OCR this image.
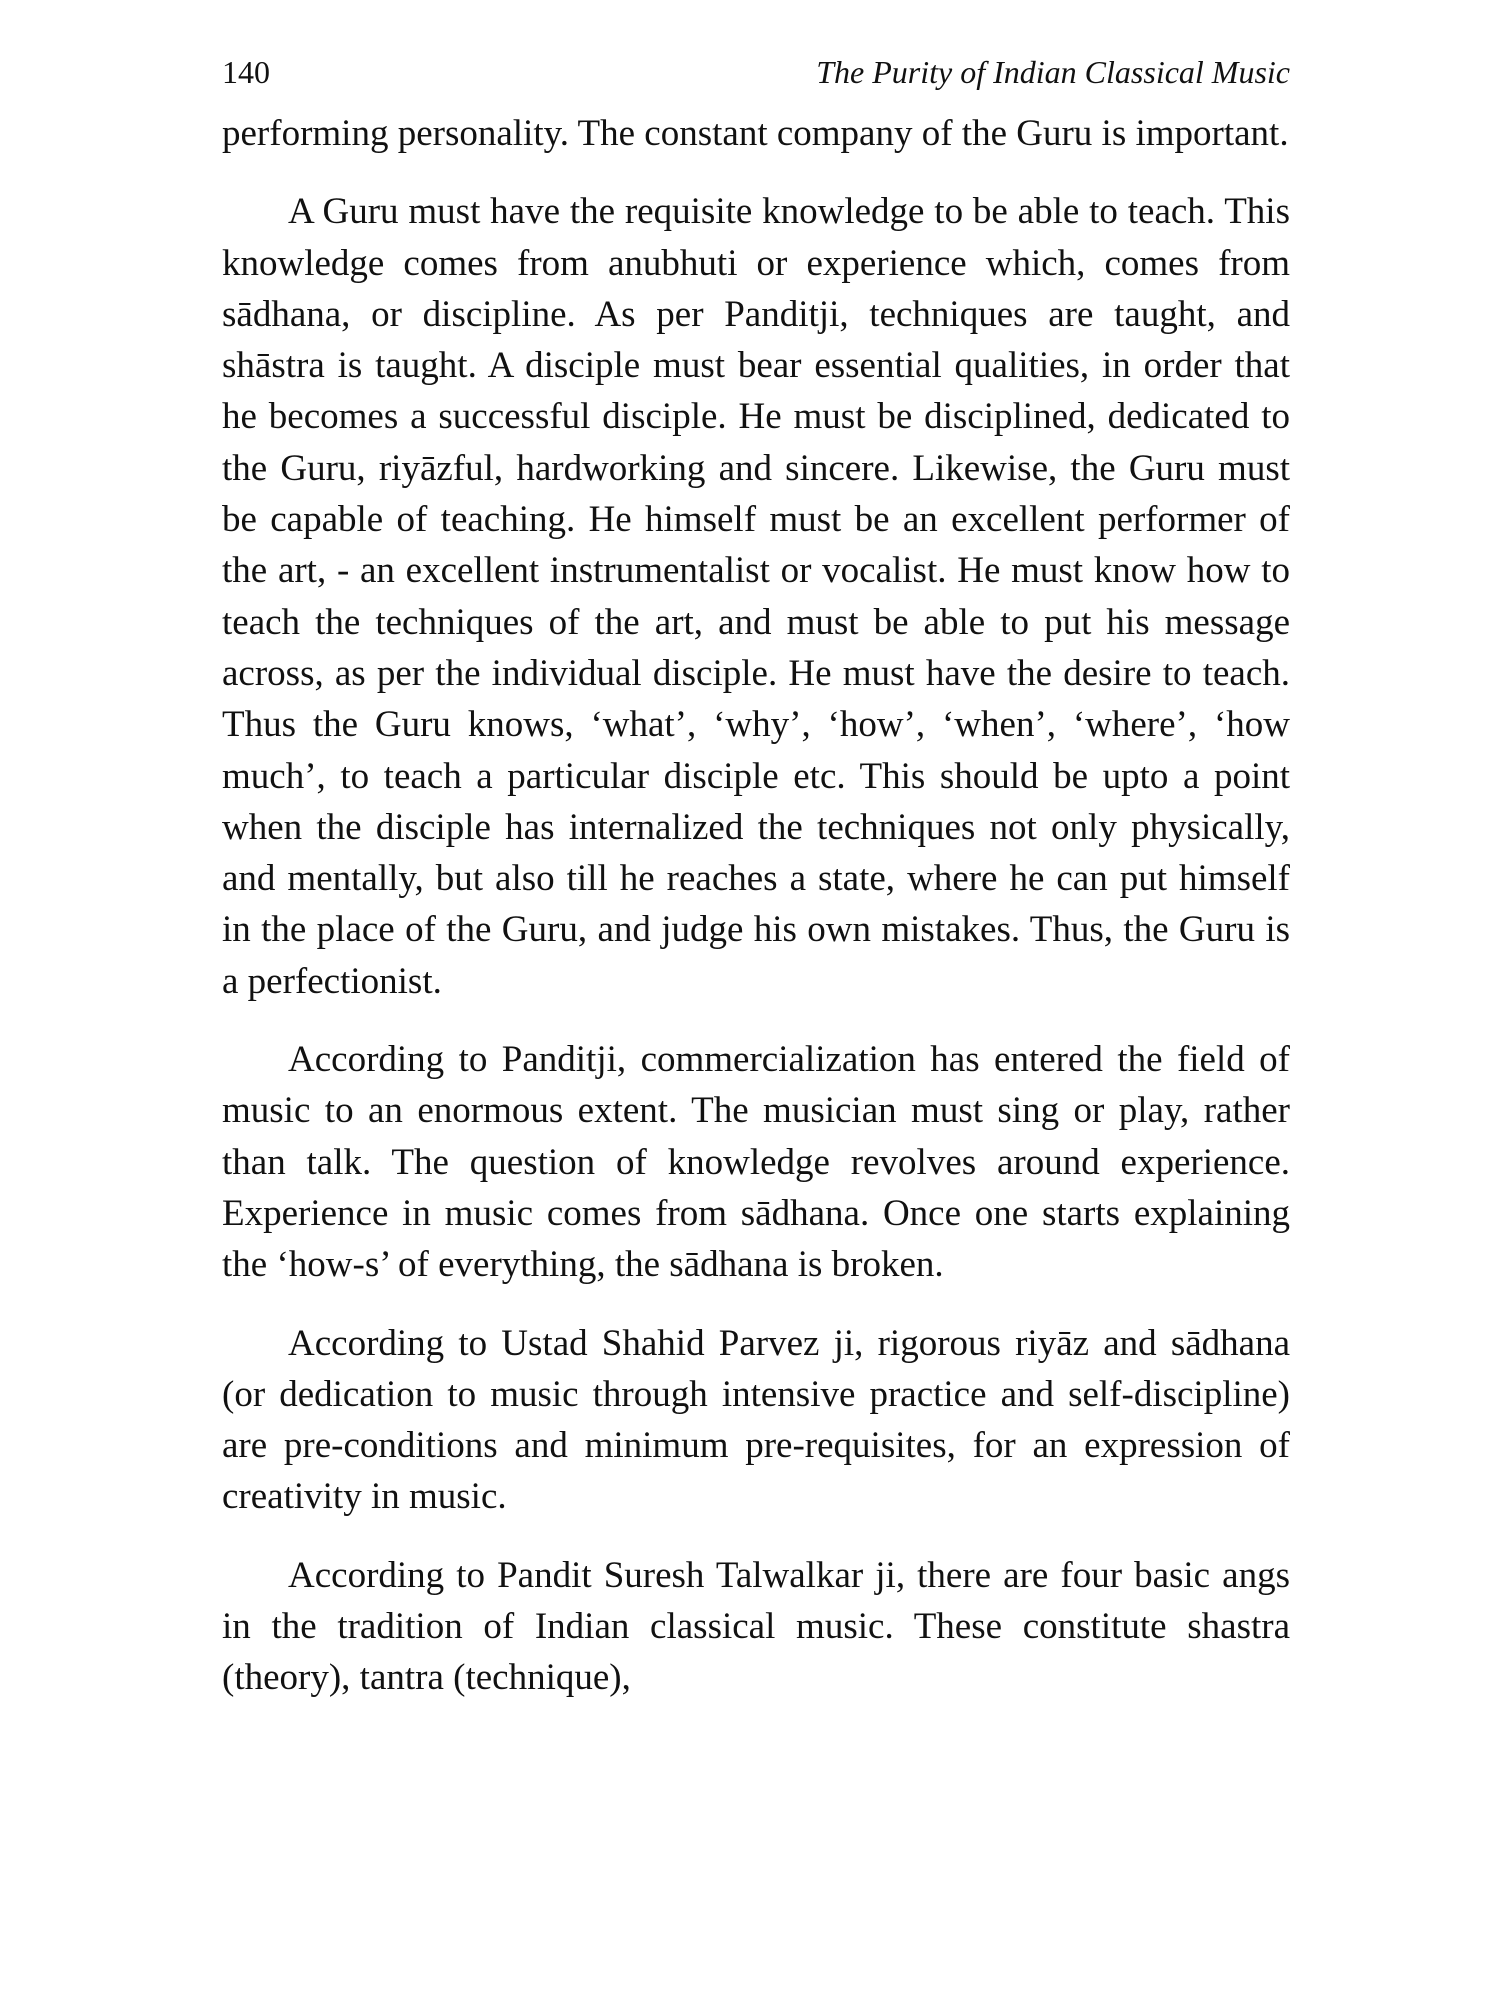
140	The Purity of Indian Classical Music

performing personality. The constant company of the Guru is important.

A Guru must have the requisite knowledge to be able to teach. This knowledge comes from anubhuti or experience which, comes from sādhana, or discipline. As per Panditji, techniques are taught, and shāstra is taught. A disciple must bear essential qualities, in order that he becomes a successful disciple. He must be disciplined, dedicated to the Guru, riyāzful, hardworking and sincere. Likewise, the Guru must be capable of teaching. He himself must be an excellent performer of the art, - an excellent instrumentalist or vocalist. He must know how to teach the techniques of the art, and must be able to put his message across, as per the individual disciple. He must have the desire to teach. Thus the Guru knows, ‘what’, ‘why’, ‘how’, ‘when’, ‘where’, ‘how much’, to teach a particular disciple etc. This should be upto a point when the disciple has internalized the techniques not only physically, and mentally, but also till he reaches a state, where he can put himself in the place of the Guru, and judge his own mistakes. Thus, the Guru is a perfectionist.

According to Panditji, commercialization has entered the field of music to an enormous extent. The musician must sing or play, rather than talk. The question of knowledge revolves around experience. Experience in music comes from sādhana. Once one starts explaining the ‘how-s’ of everything, the sādhana is broken.

According to Ustad Shahid Parvez ji, rigorous riyāz and sādhana (or dedication to music through intensive practice and self-discipline) are pre-conditions and minimum pre-requisites, for an expression of creativity in music.

According to Pandit Suresh Talwalkar ji, there are four basic angs in the tradition of Indian classical music. These constitute shastra (theory), tantra (technique),
